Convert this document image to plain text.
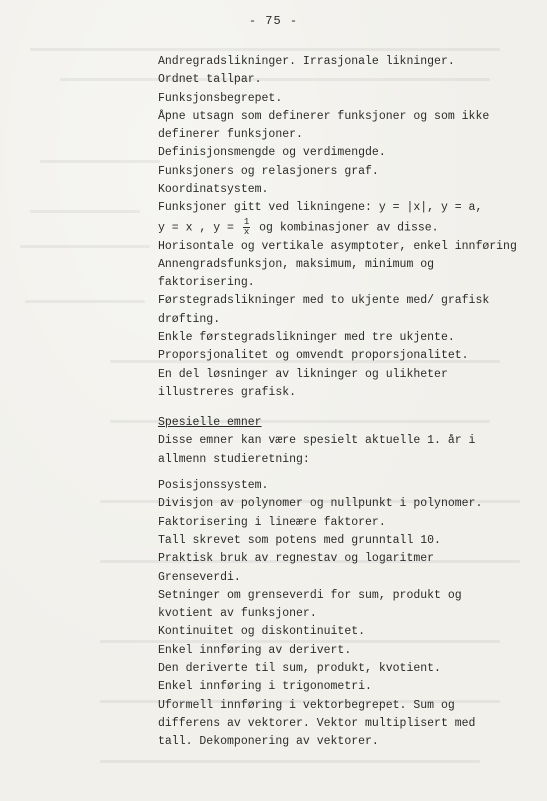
- 75 -
Andregradslikninger. Irrasjonale likninger.
Ordnet tallpar.
Funksjonsbegrepet.
Åpne utsagn som definerer funksjoner og som ikke
definerer funksjoner.
Definisjonsmengde og verdimengde.
Funksjoners og relasjoners graf.
Koordinatsystem.
Funksjoner gitt ved likningene: y = |x|, y = a,
y = x , $y = \frac{1}{x}$ og kombinasjoner av disse.
Horisontale og vertikale asymptoter, enkel innføring
Annengradsfunksjon, maksimum, minimum og
faktorisering.
Førstegradslikninger med to ukjente med/ grafisk
drøfting.
Enkle førstegradslikninger med tre ukjente.
Proporsjonalitet og omvendt proporsjonalitet.
En del løsninger av likninger og ulikheter
illustreres grafisk.
Spesielle emner
Disse emner kan være spesielt aktuelle 1. år i
allmenn studieretning:
Posisjonssystem.
Divisjon av polynomer og nullpunkt i polynomer.
Faktorisering i lineære faktorer.
Tall skrevet som potens med grunntall 10.
Praktisk bruk av regnestav og logaritmer
Grenseverdi.
Setninger om grenseverdi for sum, produkt og
kvotient av funksjoner.
Kontinuitet og diskontinuitet.
Enkel innføring av derivert.
Den deriverte til sum, produkt, kvotient.
Enkel innføring i trigonometri.
Uformell innføring i vektorbegrepet. Sum og
differens av vektorer. Vektor multiplisert med
tall. Dekomponering av vektorer.
